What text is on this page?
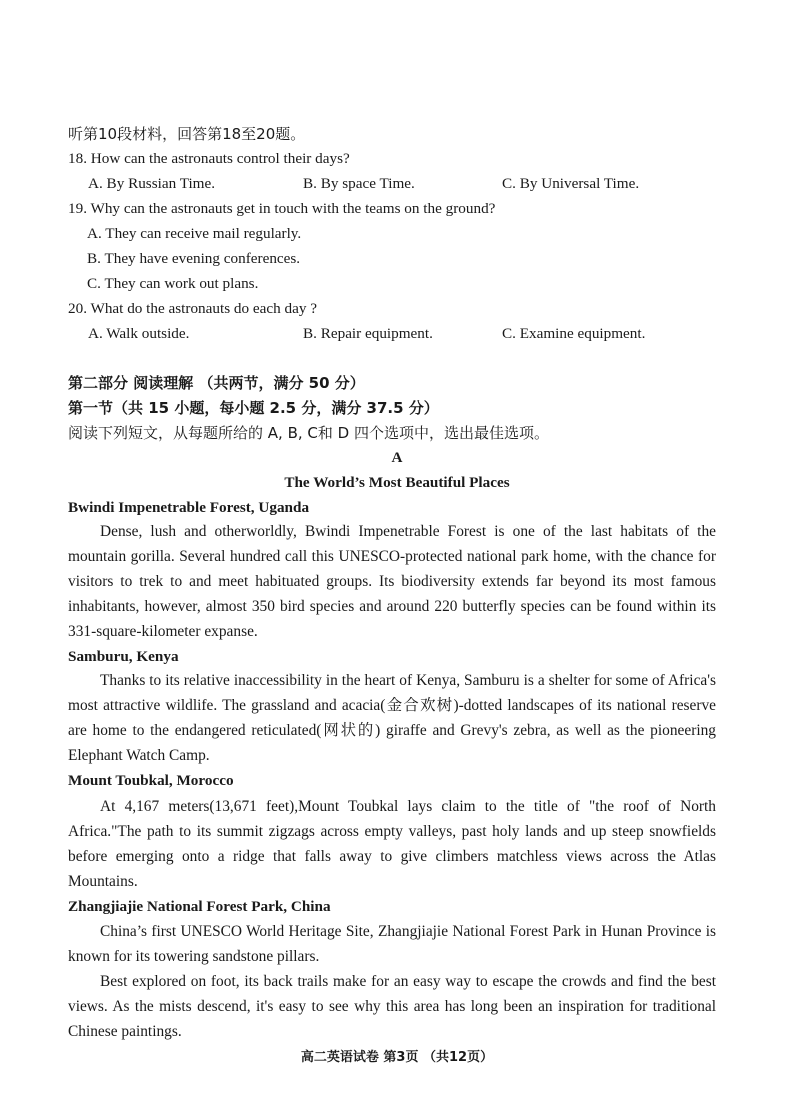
听第10段材料，回答第18至20题。
18. How can the astronauts control their days?
A. By Russian Time.	B. By space Time.	C. By Universal Time.
19. Why can the astronauts get in touch with the teams on the ground?
A. They can receive mail regularly.
B. They have evening conferences.
C. They can work out plans.
20. What do the astronauts do each day ?
A. Walk outside.	B. Repair equipment.	C. Examine equipment.
第二部分 阅读理解 （共两节，满分 50 分）
第一节（共 15 小题，每小题 2.5 分，满分 37.5 分）
阅读下列短文，从每题所给的 A, B, C和 D 四个选项中，选出最佳选项。
A
The World’s Most Beautiful Places
Bwindi Impenetrable Forest, Uganda
Dense, lush and otherworldly, Bwindi Impenetrable Forest is one of the last habitats of the mountain gorilla. Several hundred call this UNESCO-protected national park home, with the chance for visitors to trek to and meet habituated groups. Its biodiversity extends far beyond its most famous inhabitants, however, almost 350 bird species and around 220 butterfly species can be found within its 331-square-kilometer expanse.
Samburu, Kenya
Thanks to its relative inaccessibility in the heart of Kenya, Samburu is a shelter for some of Africa's most attractive wildlife. The grassland and acacia(金合欢树)-dotted landscapes of its national reserve are home to the endangered reticulated(网状的) giraffe and Grevy's zebra, as well as the pioneering Elephant Watch Camp.
Mount Toubkal, Morocco
At 4,167 meters(13,671 feet),Mount Toubkal lays claim to the title of "the roof of North Africa."The path to its summit zigzags across empty valleys, past holy lands and up steep snowfields before emerging onto a ridge that falls away to give climbers matchless views across the Atlas Mountains.
Zhangjiajie National Forest Park, China
China’s first UNESCO World Heritage Site, Zhangjiajie National Forest Park in Hunan Province is known for its towering sandstone pillars.
Best explored on foot, its back trails make for an easy way to escape the crowds and find the best views. As the mists descend, it's easy to see why this area has long been an inspiration for traditional Chinese paintings.
高二英语试卷 第3页 （共12页）
